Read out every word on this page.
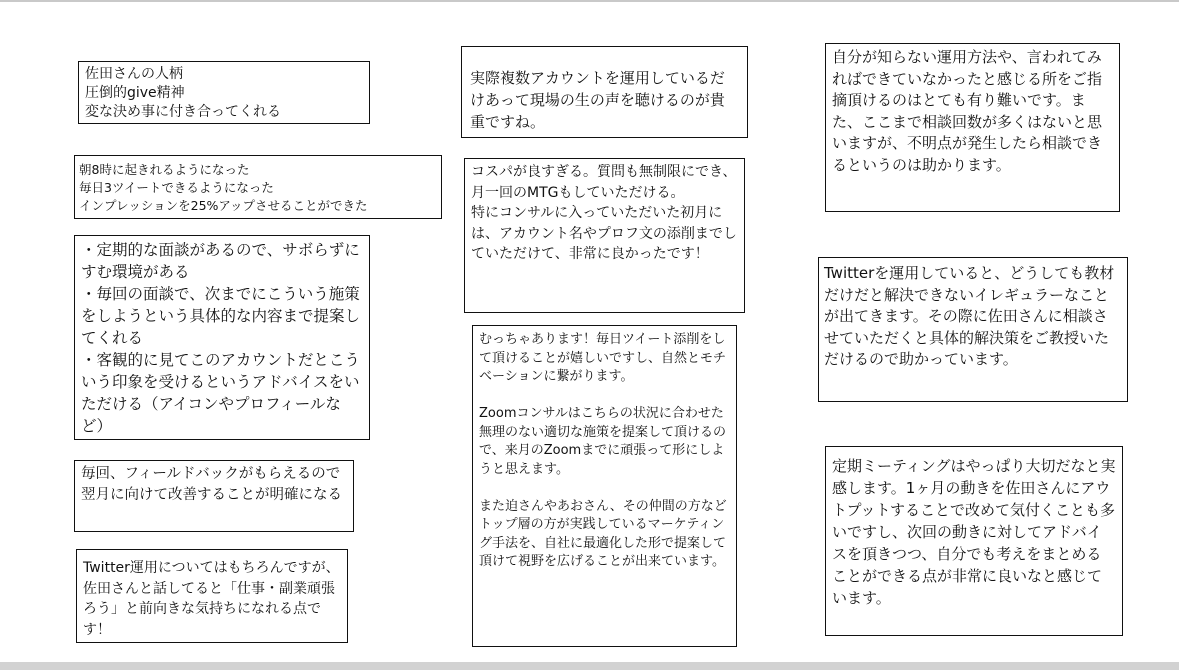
佐田さんの人柄
圧倒的give精神
変な決め事に付き合ってくれる
朝8時に起きれるようになった
毎日3ツイートできるようになった
インプレッションを25%アップさせることができた
・定期的な面談があるので、サボらずにすむ環境がある
・毎回の面談で、次までにこういう施策をしようという具体的な内容まで提案してくれる
・客観的に見てこのアカウントだとこういう印象を受けるというアドバイスをいただける（アイコンやプロフィールなど）
毎回、フィールドバックがもらえるので翌月に向けて改善することが明確になる
Twitter運用についてはもちろんですが、佐田さんと話してると「仕事・副業頑張ろう」と前向きな気持ちになれる点です！
実際複数アカウントを運用しているだけあって現場の生の声を聴けるのが貴重ですね。
コスパが良すぎる。質問も無制限にでき、月一回のMTGもしていただける。
特にコンサルに入っていただいた初月には、アカウント名やプロフ文の添削までしていただけて、非常に良かったです！
むっちゃあります！毎日ツイート添削をして頂けることが嬉しいですし、自然とモチベーションに繋がります。

Zoomコンサルはこちらの状況に合わせた無理のない適切な施策を提案して頂けるので、来月のZoomまでに頑張って形にしようと思えます。

また迫さんやあおさん、その仲間の方などトップ層の方が実践しているマーケティング手法を、自社に最適化した形で提案して頂けて視野を広げることが出来ています。
自分が知らない運用方法や、言われてみればできていなかったと感じる所をご指摘頂けるのはとても有り難いです。また、ここまで相談回数が多くはないと思いますが、不明点が発生したら相談できるというのは助かります。
Twitterを運用していると、どうしても教材だけだと解決できないイレギュラーなことが出てきます。その際に佐田さんに相談させていただくと具体的解決策をご教授いただけるので助かっています。
定期ミーティングはやっぱり大切だなと実感します。1ヶ月の動きを佐田さんにアウトプットすることで改めて気付くことも多いですし、次回の動きに対してアドバイスを頂きつつ、自分でも考えをまとめることができる点が非常に良いなと感じています。
